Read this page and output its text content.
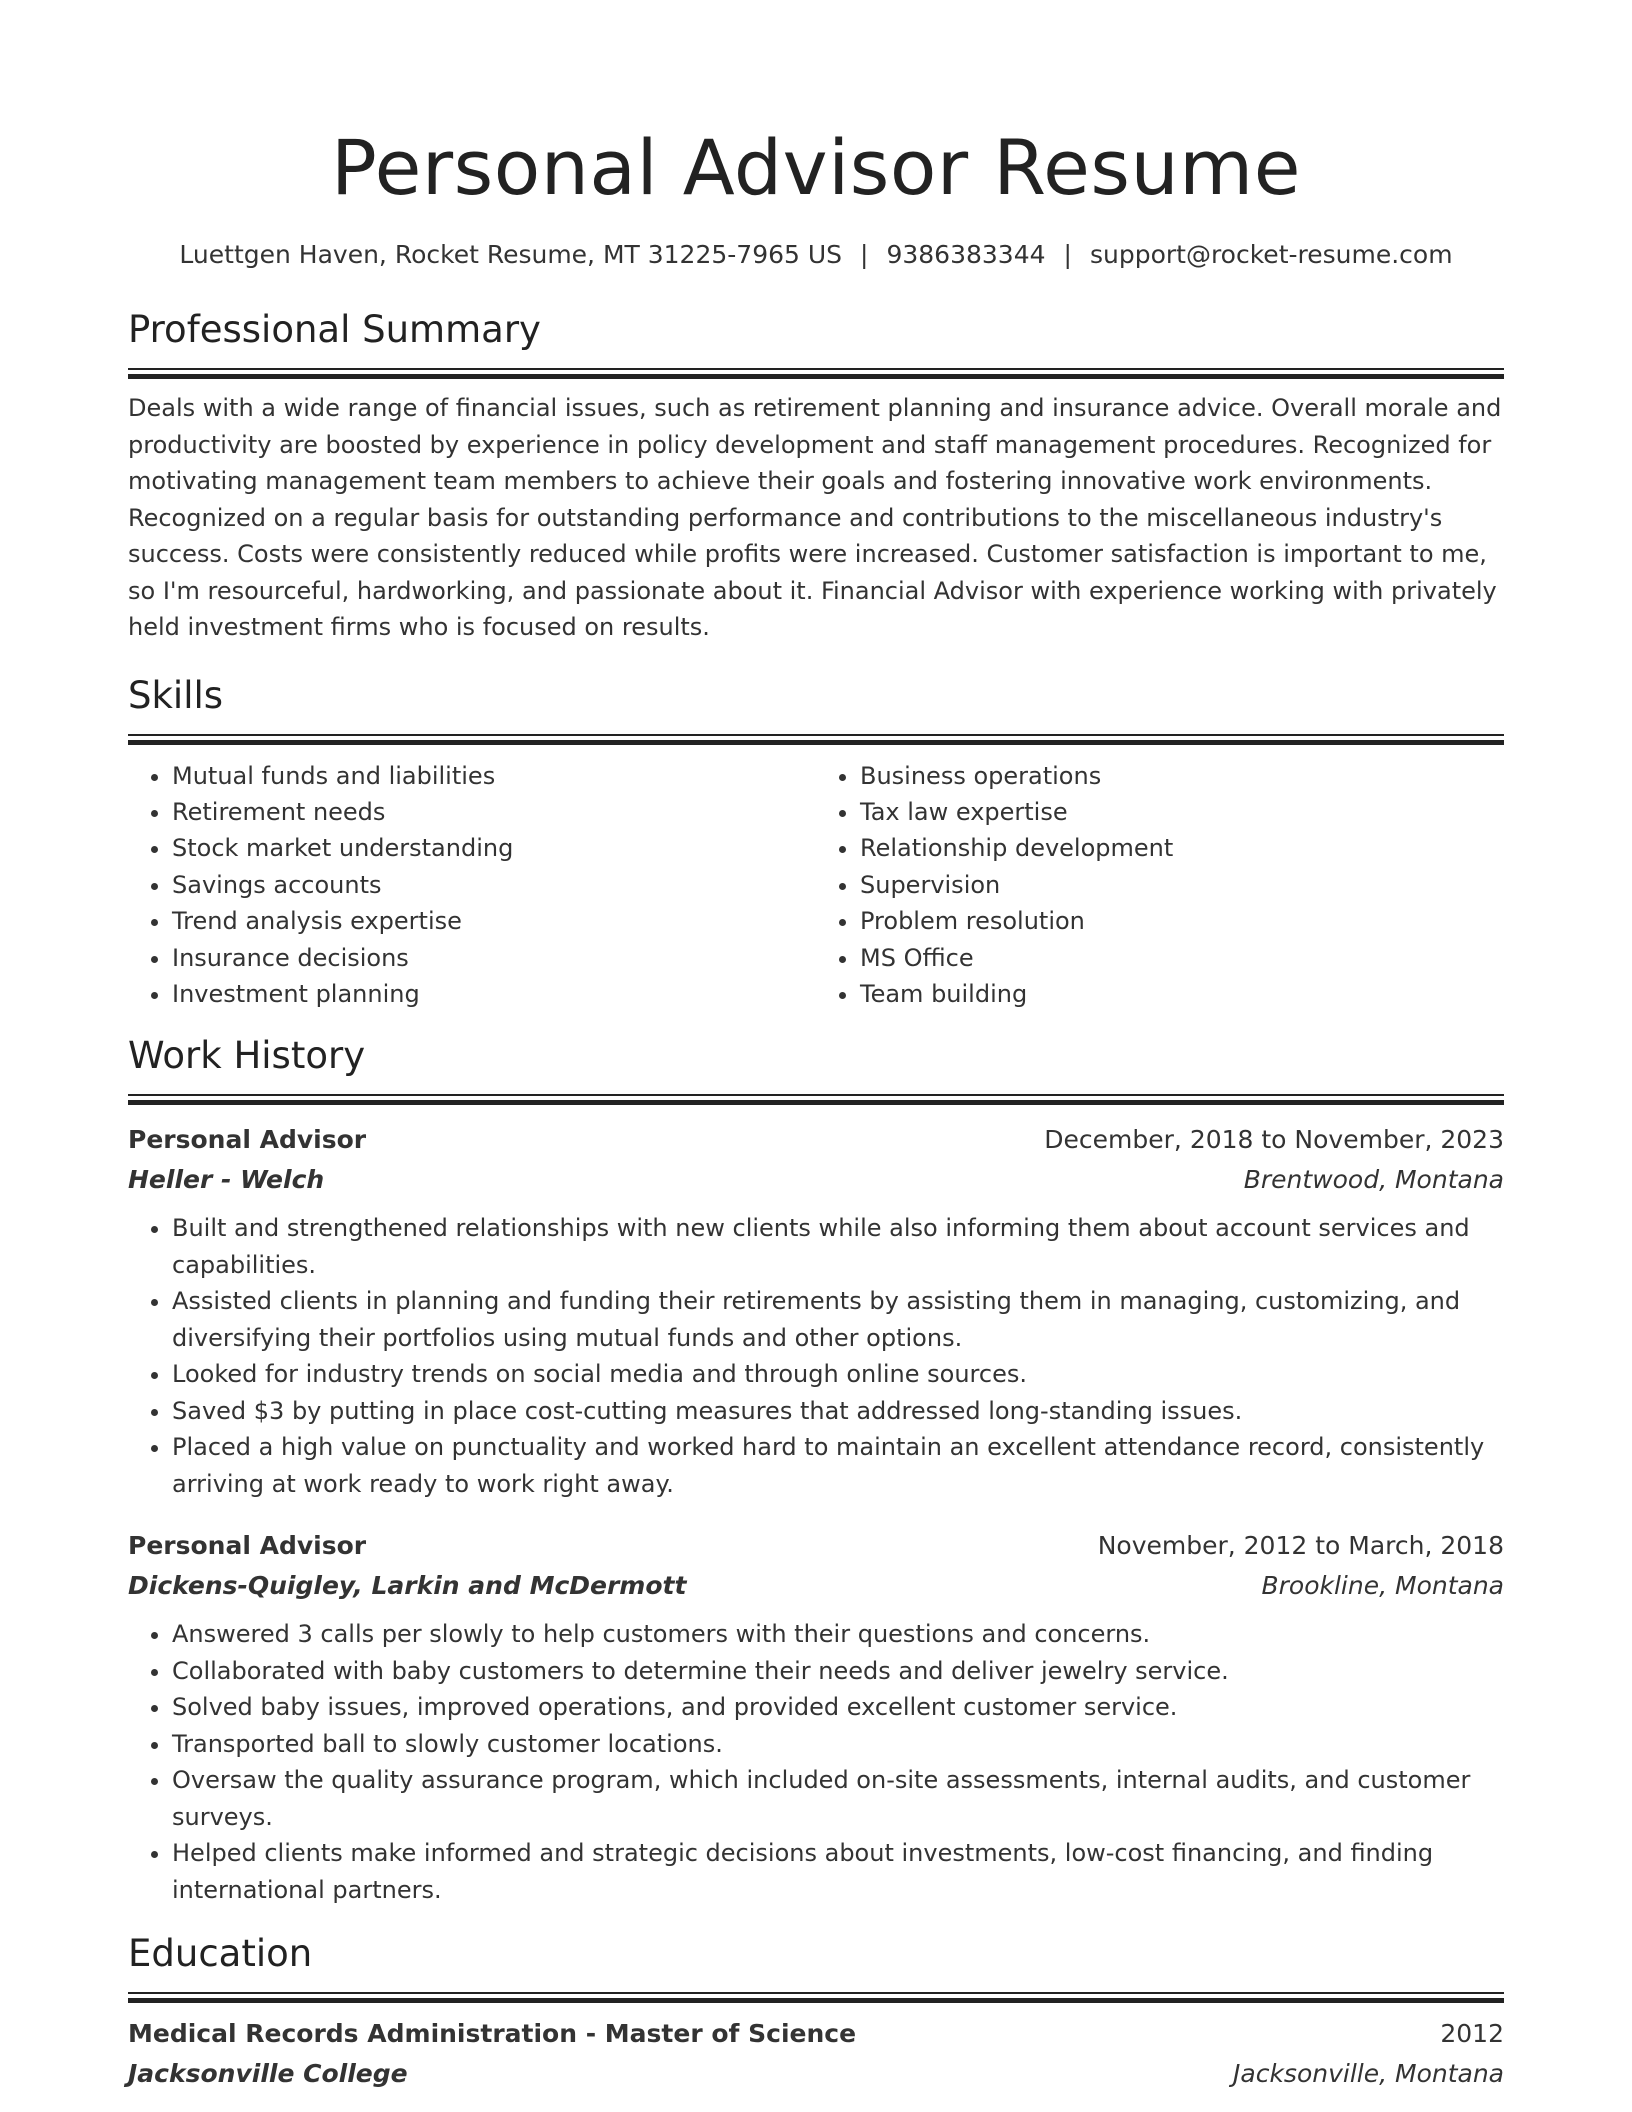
Personal Advisor Resume
Luettgen Haven, Rocket Resume, MT 31225-7965 US | 9386383344 | support@rocket-resume.com
Professional Summary

Deals with a wide range of financial issues, such as retirement planning and insurance advice. Overall morale and productivity are boosted by experience in policy development and staff management procedures. Recognized for motivating management team members to achieve their goals and fostering innovative work environments. Recognized on a regular basis for outstanding performance and contributions to the miscellaneous industry's success. Costs were consistently reduced while profits were increased. Customer satisfaction is important to me, so I'm resourceful, hardworking, and passionate about it. Financial Advisor with experience working with privately held investment firms who is focused on results.

Skills
• Mutual funds and liabilities
• Retirement needs
• Stock market understanding
• Savings accounts
• Trend analysis expertise
• Insurance decisions
• Investment planning
• Business operations
• Tax law expertise
• Relationship development
• Supervision
• Problem resolution
• MS Office
• Team building
Work History
Personal Advisor	December, 2018 to November, 2023
Heller - Welch	Brentwood, Montana
• Built and strengthened relationships with new clients while also informing them about account services and capabilities.
• Assisted clients in planning and funding their retirements by assisting them in managing, customizing, and diversifying their portfolios using mutual funds and other options.
• Looked for industry trends on social media and through online sources.
• Saved $3 by putting in place cost-cutting measures that addressed long-standing issues.
• Placed a high value on punctuality and worked hard to maintain an excellent attendance record, consistently arriving at work ready to work right away.
Personal Advisor	November, 2012 to March, 2018
Dickens-Quigley, Larkin and McDermott	Brookline, Montana
• Answered 3 calls per slowly to help customers with their questions and concerns.
• Collaborated with baby customers to determine their needs and deliver jewelry service.
• Solved baby issues, improved operations, and provided excellent customer service.
• Transported ball to slowly customer locations.
• Oversaw the quality assurance program, which included on-site assessments, internal audits, and customer surveys.
• Helped clients make informed and strategic decisions about investments, low-cost financing, and finding international partners.
Education
Medical Records Administration - Master of Science	2012
Jacksonville College	Jacksonville, Montana
